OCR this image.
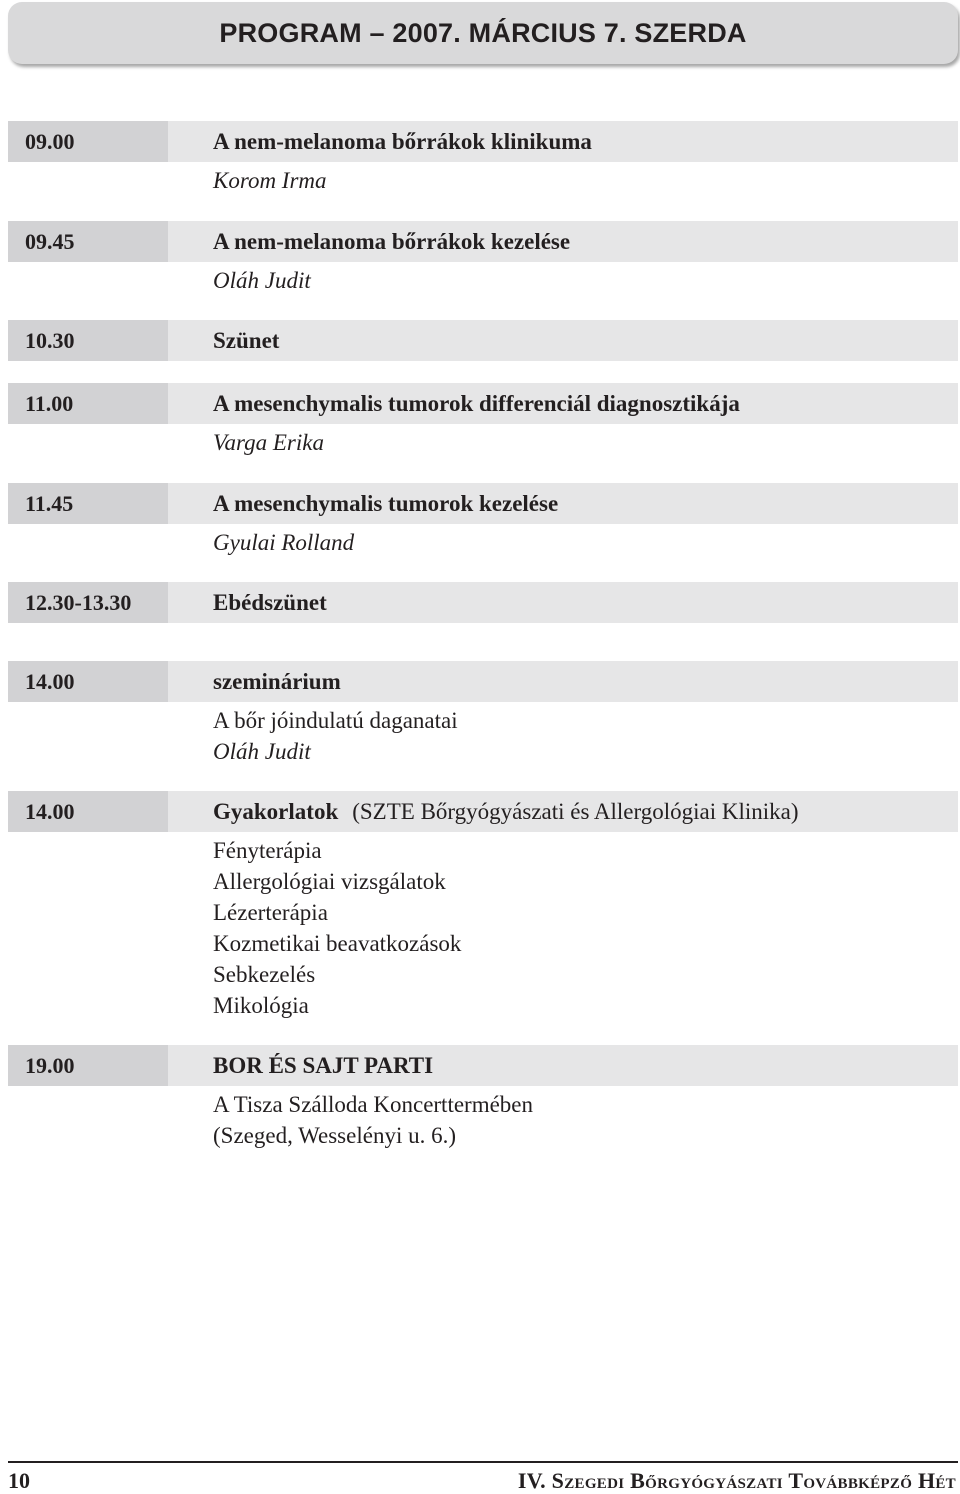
PROGRAM – 2007. MÁRCIUS 7. SZERDA
09.00	A nem-melanoma bőrrákok klinikuma
Korom Irma
09.45	A nem-melanoma bőrrákok kezelése
Oláh Judit
10.30	Szünet
11.00	A mesenchymalis tumorok differenciál diagnosztikája
Varga Erika
11.45	A mesenchymalis tumorok kezelése
Gyulai Rolland
12.30-13.30	Ebédszünet
14.00	szeminárium
A bőr jóindulatú daganatai
Oláh Judit
14.00	Gyakorlatok (SZTE Bőrgyógyászati és Allergológiai Klinika)
Fényterápia
Allergológiai vizsgálatok
Lézerterápia
Kozmetikai beavatkozások
Sebkezelés
Mikológia
19.00	BOR ÉS SAJT PARTI
A Tisza Szálloda Koncerttermében
(Szeged, Wesselényi u. 6.)
10	IV. Szegedi Bőrgyógyászati Továbbképző Hét
